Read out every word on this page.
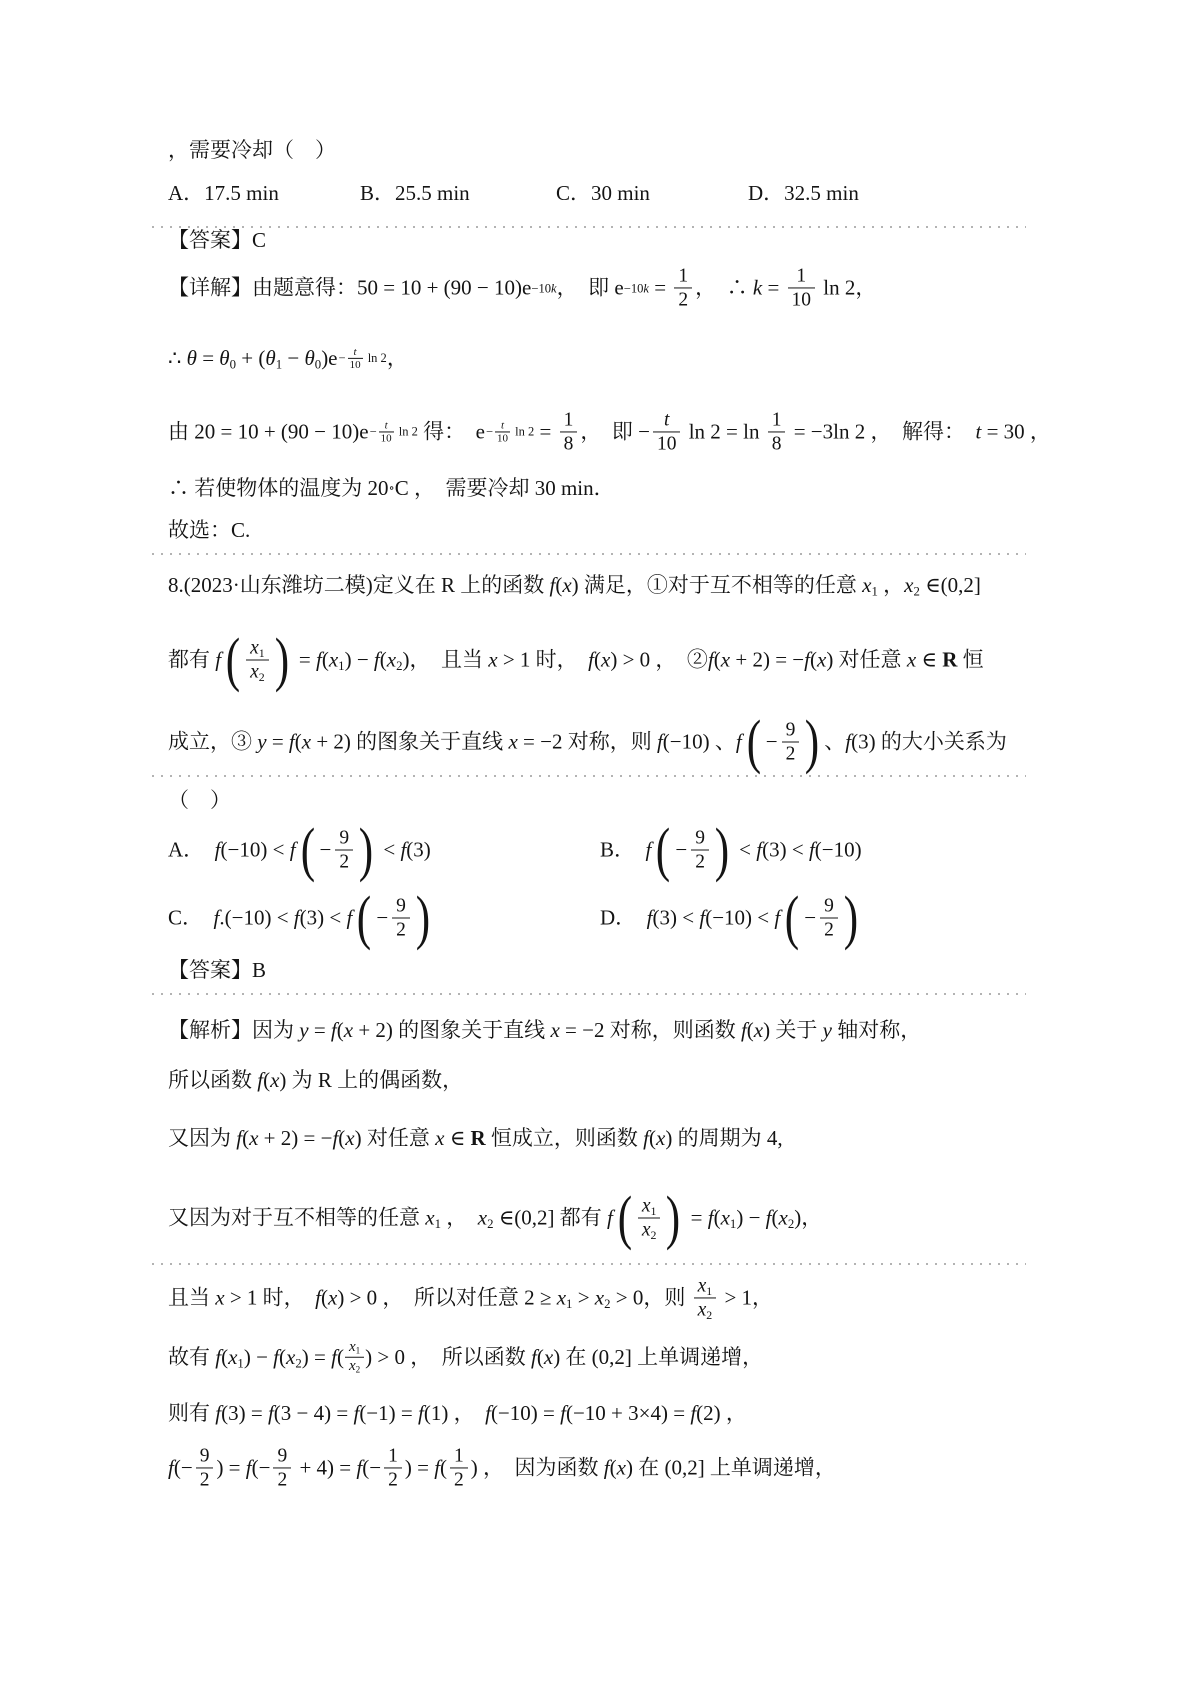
，需要冷却（　）
A．17.5 min	B．25.5 min	C．30 min	D．32.5 min
【答案】C
【详解】由题意得：50 = 10 + (90 − 10)e −10k ，  即 $e -10k = \frac{1}{2}$ ，  ∴ $k = \frac{1}{10}$ ln 2，
∴ $\theta = \theta_0 + (\theta_1 - \theta_0)e - \frac{t}{10}$ ln 2 ，
由 $20 = 10 + (90 - 10)e - \frac{t}{10}$ ln 2 得：  $e - \frac{t}{10}$ $\ln 2 = \frac{1}{8}$ ，  即 − $\frac{t}{10}$ $\ln 2 = \ln \frac{1}{8} = -3\ln$ 2 ，  解得：  t = 30 ，
∴ 若使物体的温度为 20 ∘ C ，  需要冷却 30 min．
故选：C.
8.(2023·山东潍坊二模)定义在 R 上的函数 f(x) 满足，①对于互不相等的任意 $x_1$ ，$x_2$ ∈(0,2]
都有 f ( $\frac{x_1}{x_2}$ ) = $f(x_1) - f(x_2)$，  且当 x > 1 时，  f(x) > 0 ，  ②f(x + 2) = −f(x) 对任意 x ∈ R 恒
成立，③ y = f(x + 2) 的图象关于直线 x = −2 对称，则 f(−10) 、f ( − $\frac{9}{2}$ ) 、f(3) 的大小关系为
（　）
A．  f(−10) < f ( − $\frac{9}{2}$ ) < f(3)	B．  f ( − $\frac{9}{2}$ ) < f(3) < f(−10)
C．  f.(−10) < f(3) < f ( − $\frac{9}{2}$ )	D．  f(3) < f(−10) < f ( − $\frac{9}{2}$ )
【答案】B
【解析】因为 y = f(x + 2) 的图象关于直线 x = −2 对称，则函数 f(x) 关于 y 轴对称，
所以函数 f(x) 为 R 上的偶函数，
又因为 f(x + 2) = −f(x) 对任意 x ∈ R 恒成立，则函数 f(x) 的周期为 4,
又因为对于互不相等的任意 $x_1$ ，  $x_2$ ∈(0,2] 都有 f ( $\frac{x_1}{x_2}$ ) = $f(x_1) - f(x_2)$，
且当 x > 1 时，  f(x) > 0 ，  所以对任意 $2 \ge x_1 > x_2 > 0$，则 $\frac{x_1}{x_2} > 1$，
故有 $f(x_1) - f(x_2) = f( \frac{x_1}{x_2}$ ) > 0 ，  所以函数 f(x) 在 (0,2] 上单调递增，
则有 f(3) = f(3 − 4) = f(−1) = f(1) ，  f(−10) = f(−10 + 3×4) = f(2) ，
$f(- \frac{9}{2}$ ) = $f(- \frac{9}{2} + 4) = f(- \frac{1}{2}$ ) = $f( \frac{1}{2}$ ) ，  因为函数 f(x) 在 (0,2] 上单调递增，
